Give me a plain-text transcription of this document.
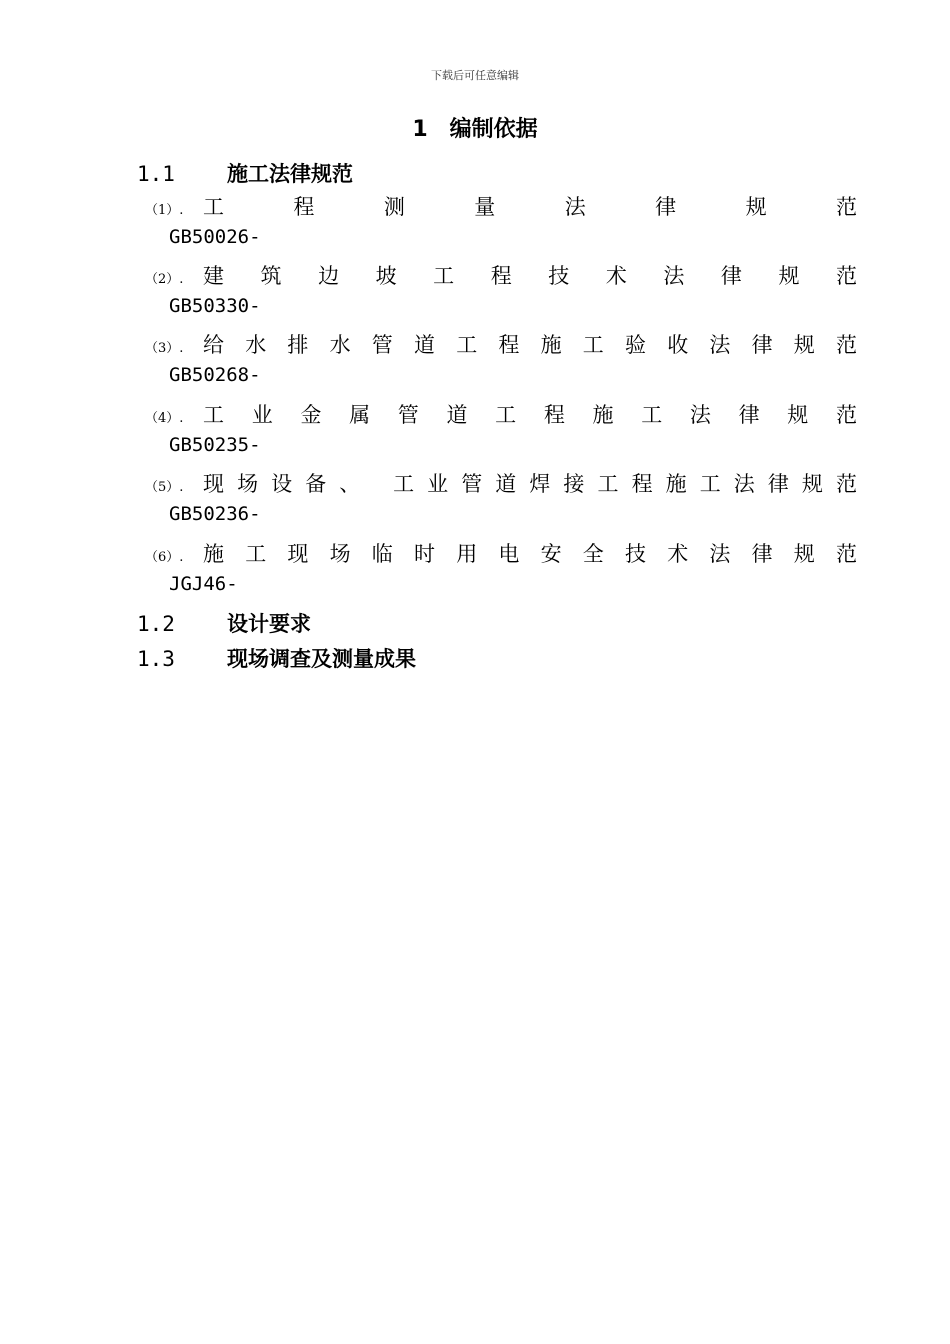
下载后可任意编辑
1 编制依据
1.1 施工法律规范
（1）. 工程测量法律规范
GB50026-
（2）. 建筑边坡工程技术法律规范
GB50330-
（3）. 给水排水管道工程施工验收法律规范
GB50268-
（4）. 工业金属管道工程施工法律规范
GB50235-
（5）. 现场设备、 工业管道焊接工程施工法律规范
GB50236-
（6）. 施工现场临时用电安全技术法律规范
JGJ46-
1.2 设计要求
1.3 现场调查及测量成果
